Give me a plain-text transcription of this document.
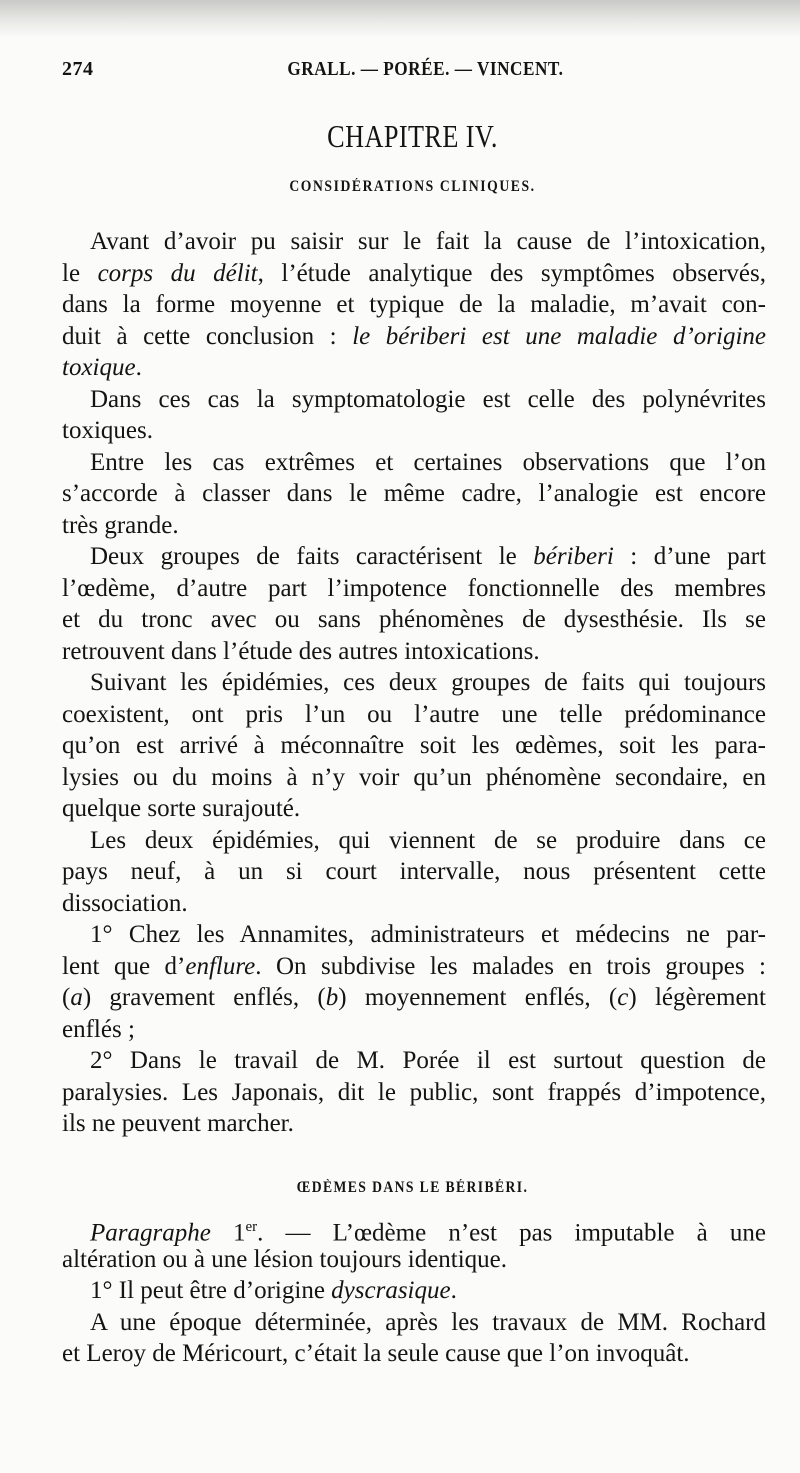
274	GRALL. — PORÉE. — VINCENT.
CHAPITRE IV.
CONSIDÉRATIONS CLINIQUES.
Avant d’avoir pu saisir sur le fait la cause de l’intoxication,
le corps du délit, l’étude analytique des symptômes observés,
dans la forme moyenne et typique de la maladie, m’avait con-
duit à cette conclusion : le bériberi est une maladie d’origine
toxique.
Dans ces cas la symptomatologie est celle des polynévrites
toxiques.
Entre les cas extrêmes et certaines observations que l’on
s’accorde à classer dans le même cadre, l’analogie est encore
très grande.
Deux groupes de faits caractérisent le bériberi : d’une part
l’œdème, d’autre part l’impotence fonctionnelle des membres
et du tronc avec ou sans phénomènes de dysesthésie. Ils se
retrouvent dans l’étude des autres intoxications.
Suivant les épidémies, ces deux groupes de faits qui toujours
coexistent, ont pris l’un ou l’autre une telle prédominance
qu’on est arrivé à méconnaître soit les œdèmes, soit les para-
lysies ou du moins à n’y voir qu’un phénomène secondaire, en
quelque sorte surajouté.
Les deux épidémies, qui viennent de se produire dans ce
pays neuf, à un si court intervalle, nous présentent cette
dissociation.
1° Chez les Annamites, administrateurs et médecins ne par-
lent que d’enflure. On subdivise les malades en trois groupes :
(a) gravement enflés, (b) moyennement enflés, (c) légèrement
enflés ;
2° Dans le travail de M. Porée il est surtout question de
paralysies. Les Japonais, dit le public, sont frappés d’impotence,
ils ne peuvent marcher.
ŒDÈMES DANS LE BÉRIBÉRI.
Paragraphe 1er. — L’œdème n’est pas imputable à une
altération ou à une lésion toujours identique.
1° Il peut être d’origine dyscrasique.
A une époque déterminée, après les travaux de MM. Rochard
et Leroy de Méricourt, c’était la seule cause que l’on invoquât.
